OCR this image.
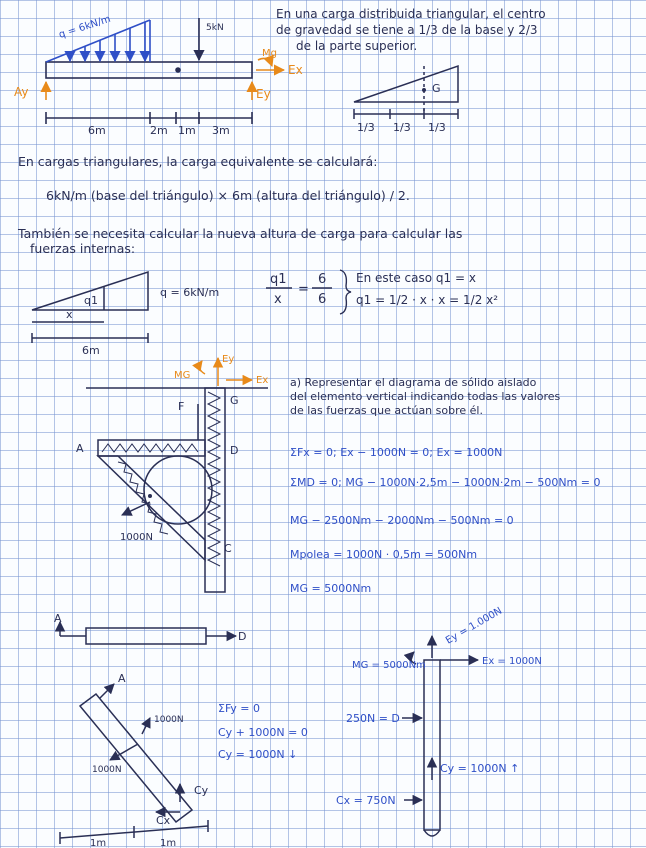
q = 6kN/m	5kN
Ay
Mg
Ex
Ey
6m	2m 1m 3m
En una carga distribuida triangular, el centro
de gravedad se tiene a 1/3 de la base y 2/3
de la parte superior.
G
1/3 1/3 1/3
En cargas triangulares, la carga equivalente se calculará:
6kN/m (base del triángulo) × 6m (altura del triángulo) / 2.
También se necesita calcular la nueva altura de carga para calcular las
fuerzas internas:
q1
q = 6kN/m
x
6m
q1
x
=
6
6
En este caso q1 = x
q1 = 1/2 · x · x = 1/2 x²
MG	Ex
Ey
F	G
A	D
C
1000N
a) Representar el diagrama de sólido aislado
del elemento vertical indicando todas las valores
de las fuerzas que actúan sobre él.
ΣFx = 0; Ex − 1000N = 0; Ex = 1000N
ΣMD = 0; MG − 1000N·2,5m − 1000N·2m − 500Nm = 0
MG − 2500Nm − 2000Nm − 500Nm = 0
Mpolea = 1000N · 0,5m = 500Nm
MG = 5000Nm
A
D
A
1000N
1000N
Cy
Cx
1m	1m
ΣFy = 0
Cy + 1000N = 0
Cy = 1000N ↓
Ey = 1.000N
MG = 5000Nm	Ex = 1000N
250N = D
Cy = 1000N ↑
Cx = 750N
